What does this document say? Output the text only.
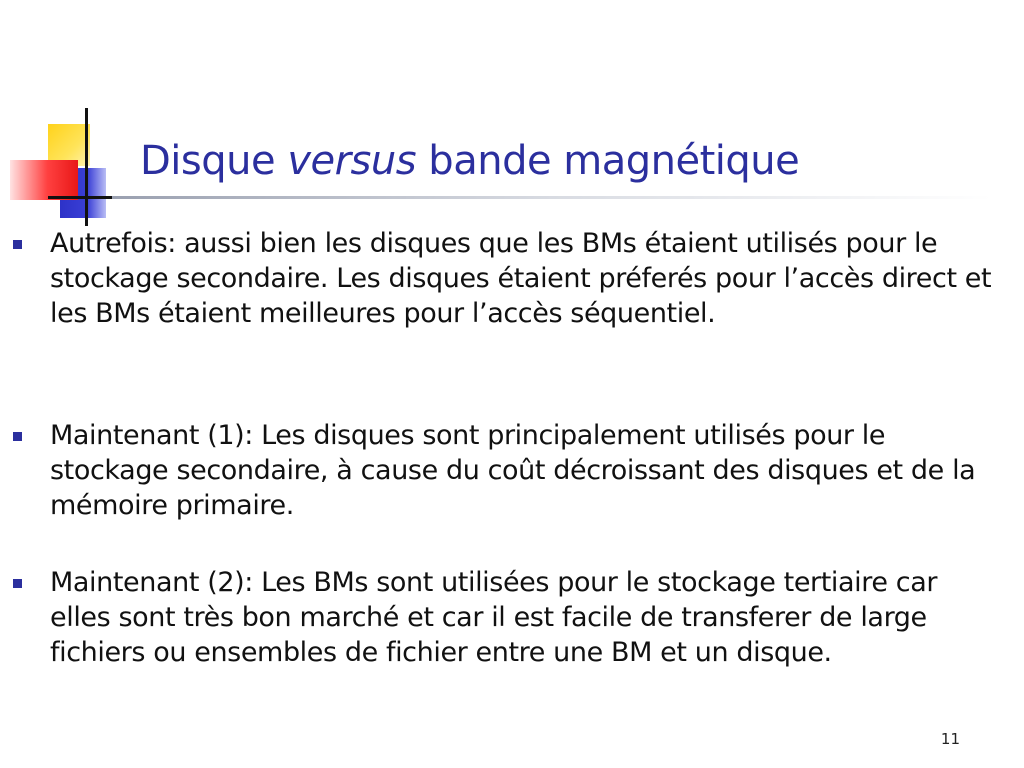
Disque versus bande magnétique

Autrefois: aussi bien les disques que les BMs étaient utilisés pour le stockage secondaire. Les disques étaient préferés pour l’accès direct et les BMs étaient meilleures pour l’accès séquentiel.

Maintenant (1): Les disques sont principalement utilisés pour le stockage secondaire, à cause du coût décroissant des disques et de la mémoire primaire.

Maintenant (2): Les BMs sont utilisées pour le stockage tertiaire car elles sont très bon marché et car il est facile de transferer de large fichiers ou ensembles de fichier entre une BM et un disque.

11
